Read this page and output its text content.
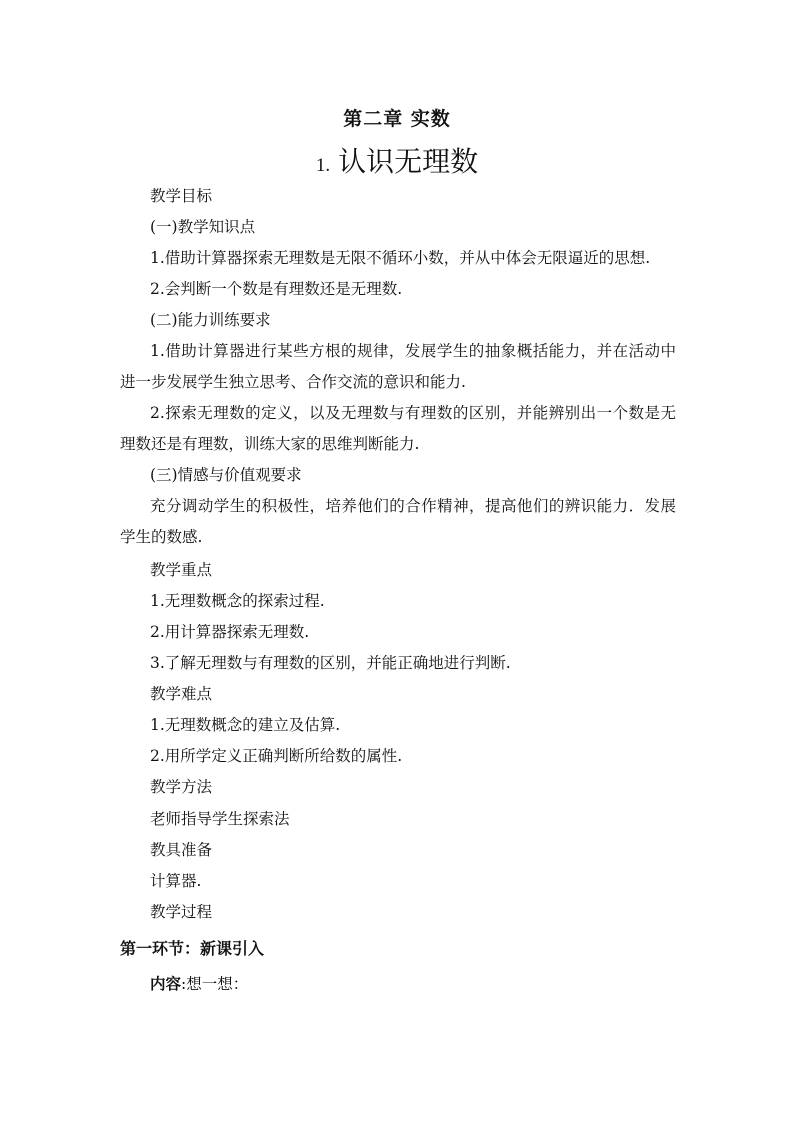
第二章 实数
1. 认识无理数
教学目标
(一)教学知识点
1.借助计算器探索无理数是无限不循环小数，并从中体会无限逼近的思想.
2.会判断一个数是有理数还是无理数.
(二)能力训练要求
1.借助计算器进行某些方根的规律，发展学生的抽象概括能力，并在活动中进一步发展学生独立思考、合作交流的意识和能力.
2.探索无理数的定义，以及无理数与有理数的区别，并能辨别出一个数是无理数还是有理数，训练大家的思维判断能力.
(三)情感与价值观要求
充分调动学生的积极性，培养他们的合作精神，提高他们的辨识能力．发展学生的数感.
教学重点
1.无理数概念的探索过程.
2.用计算器探索无理数.
3.了解无理数与有理数的区别，并能正确地进行判断.
教学难点
1.无理数概念的建立及估算.
2.用所学定义正确判断所给数的属性.
教学方法
老师指导学生探索法
教具准备
计算器.
教学过程
第一环节：新课引入
内容:想一想：
